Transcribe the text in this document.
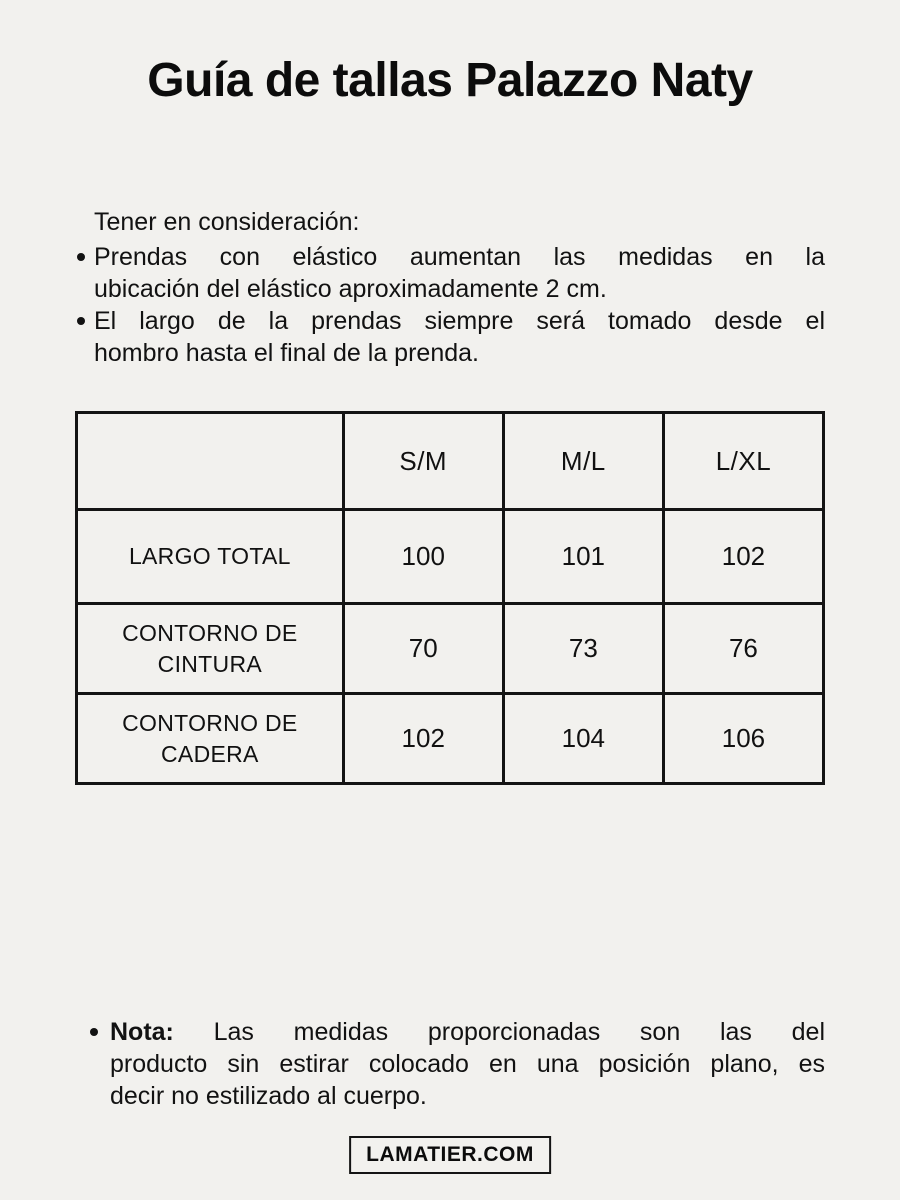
Guía de tallas Palazzo Naty
Tener en consideración:
Prendas con elástico aumentan las medidas en la
ubicación del elástico aproximadamente 2 cm.
El largo de la prendas siempre será tomado desde el
hombro hasta el final de la prenda.
	S/M	M/L	L/XL
LARGO TOTAL	100	101	102
CONTORNO DE CINTURA	70	73	76
CONTORNO DE CADERA	102	104	106
Nota: Las medidas proporcionadas son las del
producto sin estirar colocado en una posición plano, es
decir no estilizado al cuerpo.
LAMATIER.COM
